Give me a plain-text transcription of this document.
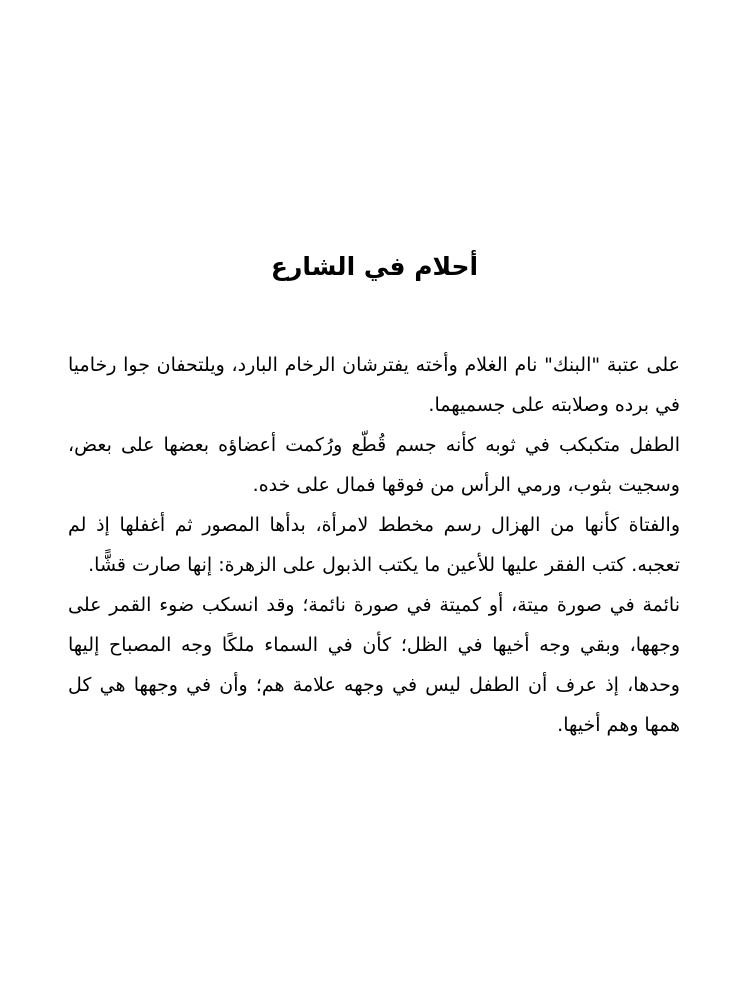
أحلام في الشارع

على عتبة "البنك" نام الغلام وأخته يفترشان الرخام البارد، ويلتحفان جوا رخاميا في برده وصلابته على جسميهما.

الطفل متكبكب في ثوبه كأنه جسم قُطّع ورُكمت أعضاؤه بعضها على بعض، وسجيت بثوب، ورمي الرأس من فوقها فمال على خده.

والفتاة كأنها من الهزال رسم مخطط لامرأة، بدأها المصور ثم أغفلها إذ لم تعجبه. كتب الفقر عليها للأعين ما يكتب الذبول على الزهرة: إنها صارت قشًّا.

نائمة في صورة ميتة، أو كميتة في صورة نائمة؛ وقد انسكب ضوء القمر على وجهها، وبقي وجه أخيها في الظل؛ كأن في السماء ملكًا وجه المصباح إليها وحدها، إذ عرف أن الطفل ليس في وجهه علامة هم؛ وأن في وجهها هي كل همها وهم أخيها.
